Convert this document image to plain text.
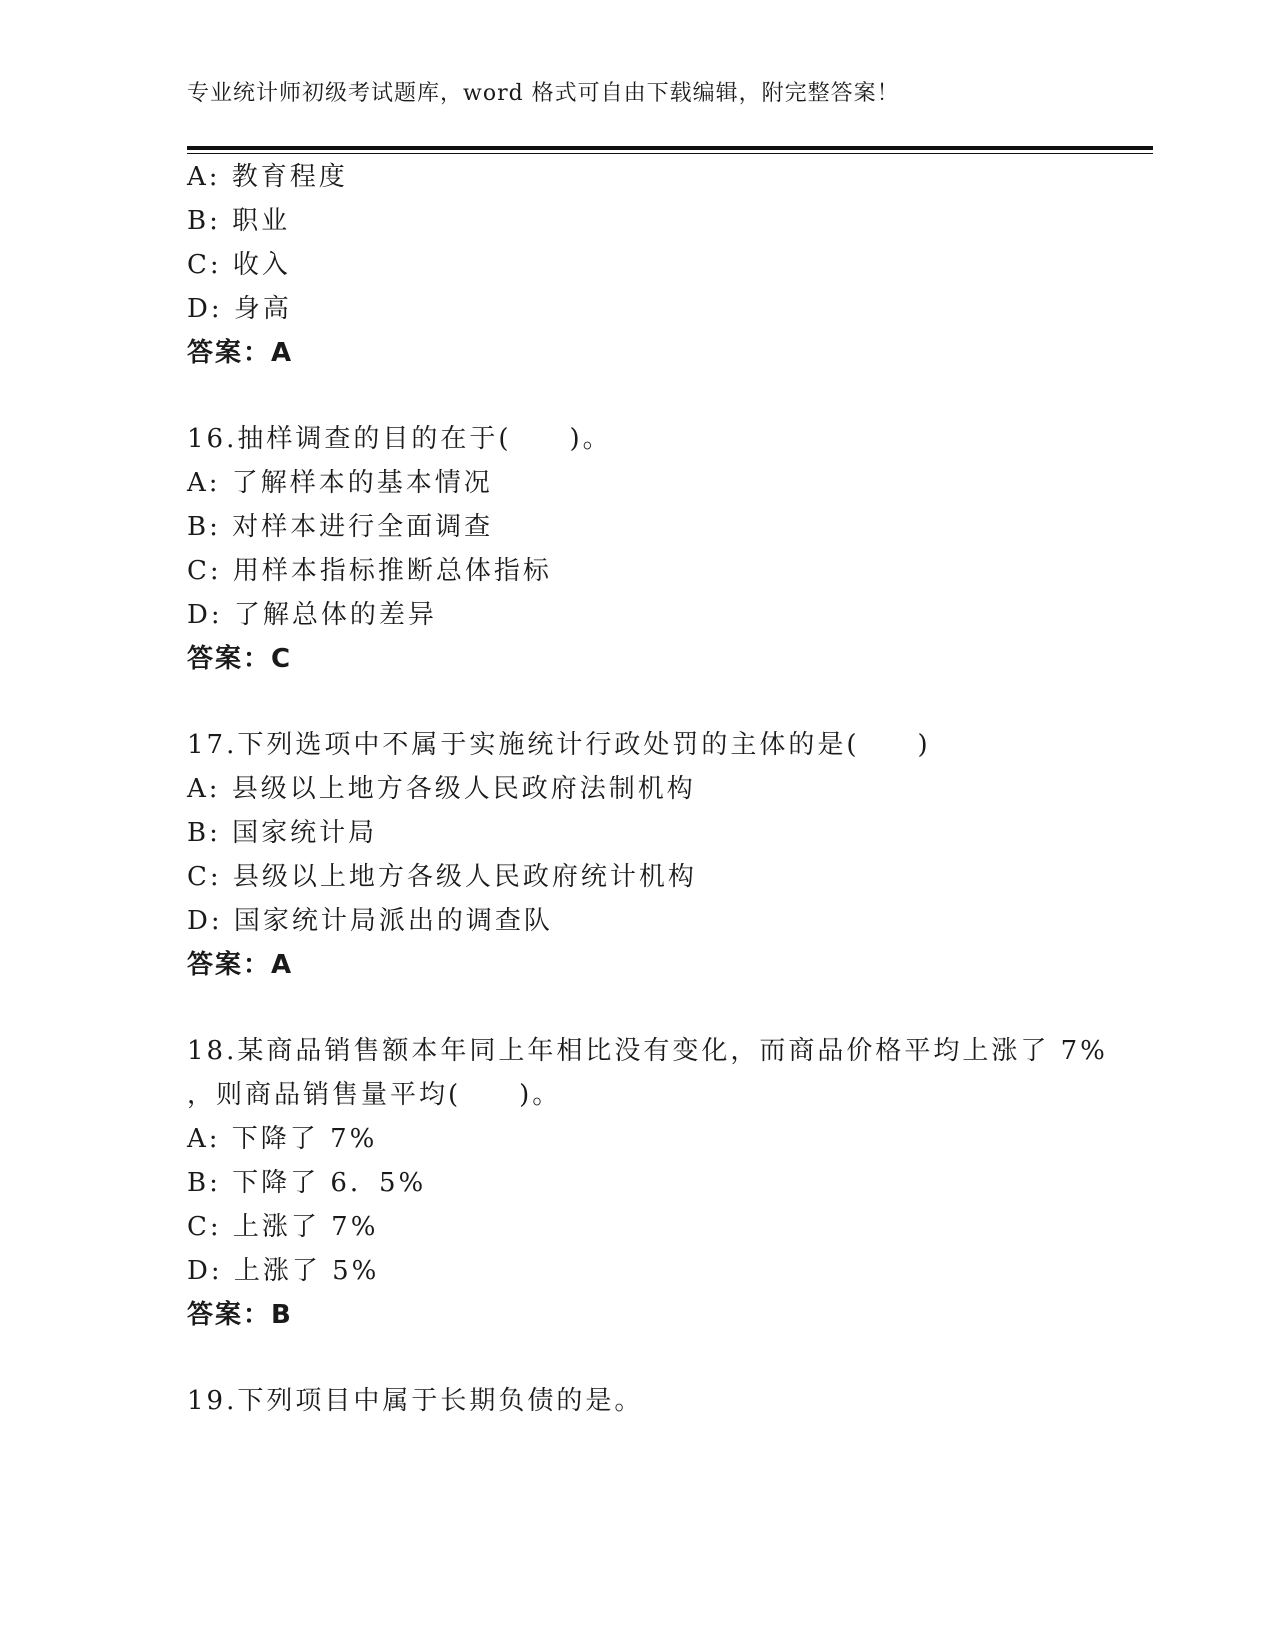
专业统计师初级考试题库，word 格式可自由下载编辑，附完整答案！
A: 教育程度
B: 职业
C: 收入
D: 身高
答案：A
16.抽样调查的目的在于(　　)。
A: 了解样本的基本情况
B: 对样本进行全面调查
C: 用样本指标推断总体指标
D: 了解总体的差异
答案：C
17.下列选项中不属于实施统计行政处罚的主体的是(　　)
A: 县级以上地方各级人民政府法制机构
B: 国家统计局
C: 县级以上地方各级人民政府统计机构
D: 国家统计局派出的调查队
答案：A
18.某商品销售额本年同上年相比没有变化，而商品价格平均上涨了 7%
，则商品销售量平均(　　)。
A: 下降了 7%
B: 下降了 6．5%
C: 上涨了 7%
D: 上涨了 5%
答案：B
19.下列项目中属于长期负债的是。
